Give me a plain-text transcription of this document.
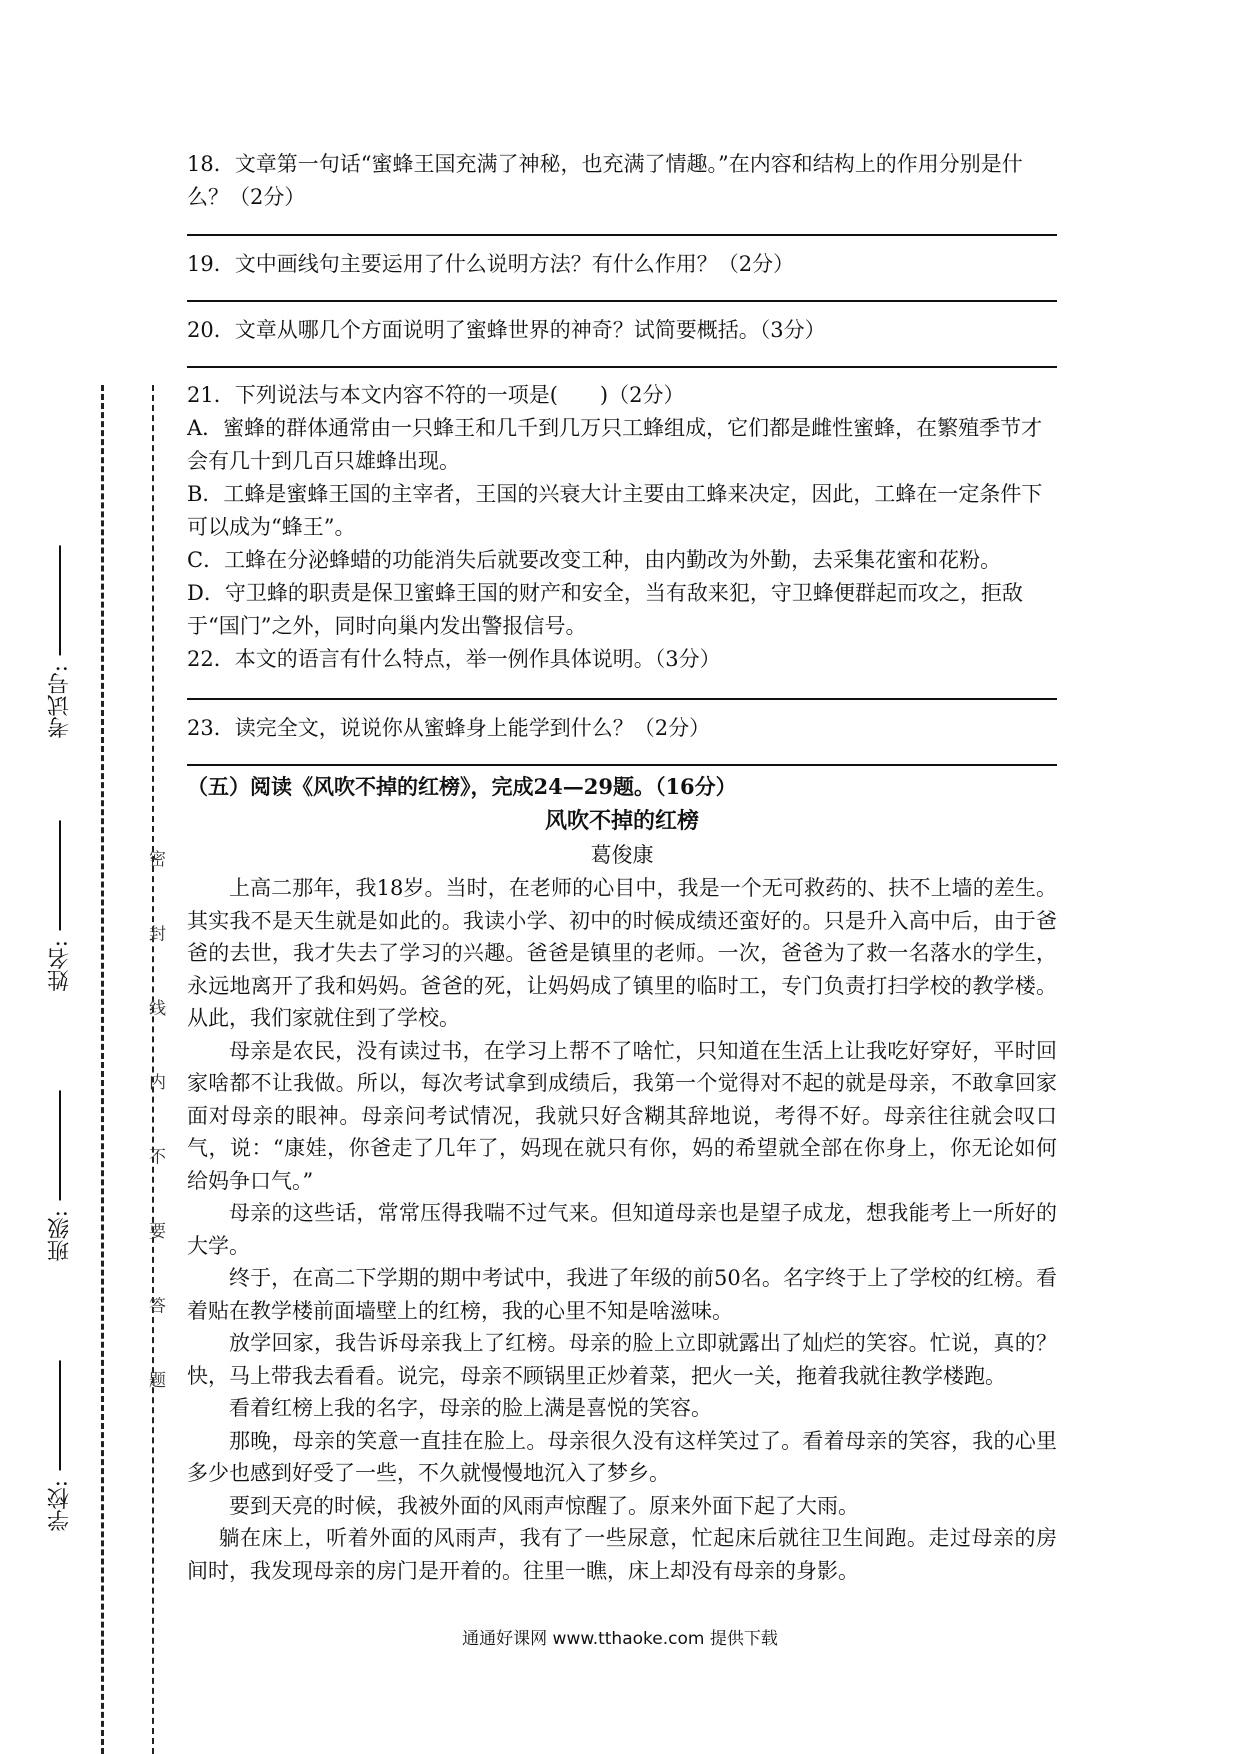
密 封 线 内 不 要 答 题
学校:
班级:
姓名:
考试号:

18．文章第一句话“蜜蜂王国充满了神秘，也充满了情趣。”在内容和结构上的作用分别是什么？（2分）

19．文中画线句主要运用了什么说明方法？有什么作用？（2分）

20．文章从哪几个方面说明了蜜蜂世界的神奇？试简要概括。（3分）

21．下列说法与本文内容不符的一项是(　　)（2分）

A．蜜蜂的群体通常由一只蜂王和几千到几万只工蜂组成，它们都是雌性蜜蜂，在繁殖季节才会有几十到几百只雄蜂出现。

B．工蜂是蜜蜂王国的主宰者，王国的兴衰大计主要由工蜂来决定，因此，工蜂在一定条件下可以成为“蜂王”。

C．工蜂在分泌蜂蜡的功能消失后就要改变工种，由内勤改为外勤，去采集花蜜和花粉。

D．守卫蜂的职责是保卫蜜蜂王国的财产和安全，当有敌来犯，守卫蜂便群起而攻之，拒敌于“国门”之外，同时向巢内发出警报信号。

22．本文的语言有什么特点，举一例作具体说明。（3分）

23．读完全文，说说你从蜜蜂身上能学到什么？（2分）

（五）阅读《风吹不掉的红榜》，完成24—29题。（16分）

风吹不掉的红榜

葛俊康

上高二那年，我18岁。当时，在老师的心目中，我是一个无可救药的、扶不上墙的差生。其实我不是天生就是如此的。我读小学、初中的时候成绩还蛮好的。只是升入高中后，由于爸爸的去世，我才失去了学习的兴趣。爸爸是镇里的老师。一次，爸爸为了救一名落水的学生，永远地离开了我和妈妈。爸爸的死，让妈妈成了镇里的临时工，专门负责打扫学校的教学楼。从此，我们家就住到了学校。

母亲是农民，没有读过书，在学习上帮不了啥忙，只知道在生活上让我吃好穿好，平时回家啥都不让我做。所以，每次考试拿到成绩后，我第一个觉得对不起的就是母亲，不敢拿回家面对母亲的眼神。母亲问考试情况，我就只好含糊其辞地说，考得不好。母亲往往就会叹口气，说：“康娃，你爸走了几年了，妈现在就只有你，妈的希望就全部在你身上，你无论如何给妈争口气。”

母亲的这些话，常常压得我喘不过气来。但知道母亲也是望子成龙，想我能考上一所好的大学。

终于，在高二下学期的期中考试中，我进了年级的前50名。名字终于上了学校的红榜。看着贴在教学楼前面墙壁上的红榜，我的心里不知是啥滋味。

放学回家，我告诉母亲我上了红榜。母亲的脸上立即就露出了灿烂的笑容。忙说，真的？快，马上带我去看看。说完，母亲不顾锅里正炒着菜，把火一关，拖着我就往教学楼跑。

看着红榜上我的名字，母亲的脸上满是喜悦的笑容。

那晚，母亲的笑意一直挂在脸上。母亲很久没有这样笑过了。看着母亲的笑容，我的心里多少也感到好受了一些，不久就慢慢地沉入了梦乡。

要到天亮的时候，我被外面的风雨声惊醒了。原来外面下起了大雨。

躺在床上，听着外面的风雨声，我有了一些尿意，忙起床后就往卫生间跑。走过母亲的房间时，我发现母亲的房门是开着的。往里一瞧，床上却没有母亲的身影。

通通好课网 www.tthaoke.com 提供下载
